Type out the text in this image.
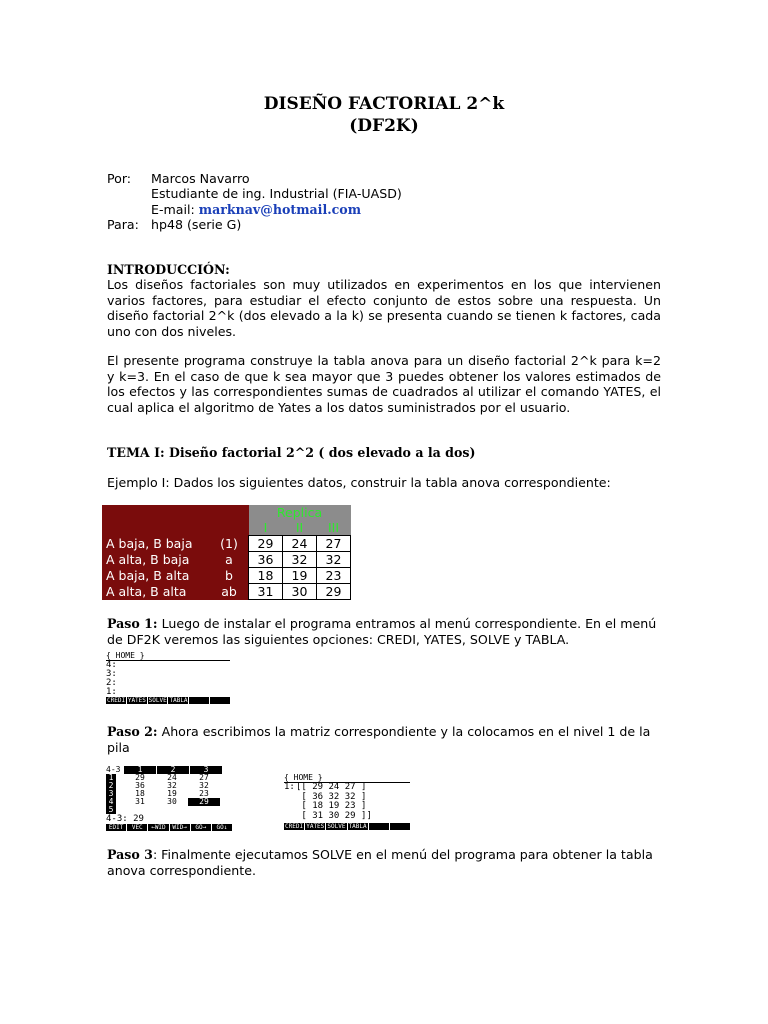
DISEÑO FACTORIAL 2^k
(DF2K)
Por: Marcos Navarro
Estudiante de ing. Industrial (FIA-UASD)
E-mail: marknav@hotmail.com
Para: hp48 (serie G)
INTRODUCCIÓN:
Los diseños factoriales son muy utilizados en experimentos en los que intervienen varios factores, para estudiar el efecto conjunto de estos sobre una respuesta. Un diseño factorial 2^k (dos elevado a la k) se presenta cuando se tienen k factores, cada uno con dos niveles.
El presente programa construye la tabla anova para un diseño factorial 2^k para k=2 y k=3. En el caso de que k sea mayor que 3 puedes obtener los valores estimados de los efectos y las correspondientes sumas de cuadrados al utilizar el comando YATES, el cual aplica el algoritmo de Yates a los datos suministrados por el usuario.
TEMA I: Diseño factorial 2^2 ( dos elevado a la dos)
Ejemplo I: Dados los siguientes datos, construir la tabla anova correspondiente:
		Replica		
		I	II	III
A baja, B baja	(1)	29	24	27
A alta, B baja	a	36	32	32
A baja, B alta	b	18	19	23
A alta, B alta	ab	31	30	29
Paso 1: Luego de instalar el programa entramos al menú correspondiente. En el menú de DF2K veremos las siguientes opciones: CREDI, YATES, SOLVE y TABLA.
{ HOME }
4:
3:
2:
1:
CREDI YATES SOLVE TABLA
Paso 2: Ahora escribimos la matriz correspondiente y la colocamos en el nivel 1 de la pila
4-3	1	2	3
1	29	24	27
2	36	32	32
3	18	19	23
4	31	30	29
5
4-3: 29
EDIT	VEC	←WID	WID→	GO→	GO↓
{ HOME }
1: [[ 29 24 27 ]
[ 36 32 32 ]
[ 18 19 23 ]
[ 31 30 29 ]]
CREDI YATES SOLVE TABLA
Paso 3: Finalmente ejecutamos SOLVE en el menú del programa para obtener la tabla anova correspondiente.
